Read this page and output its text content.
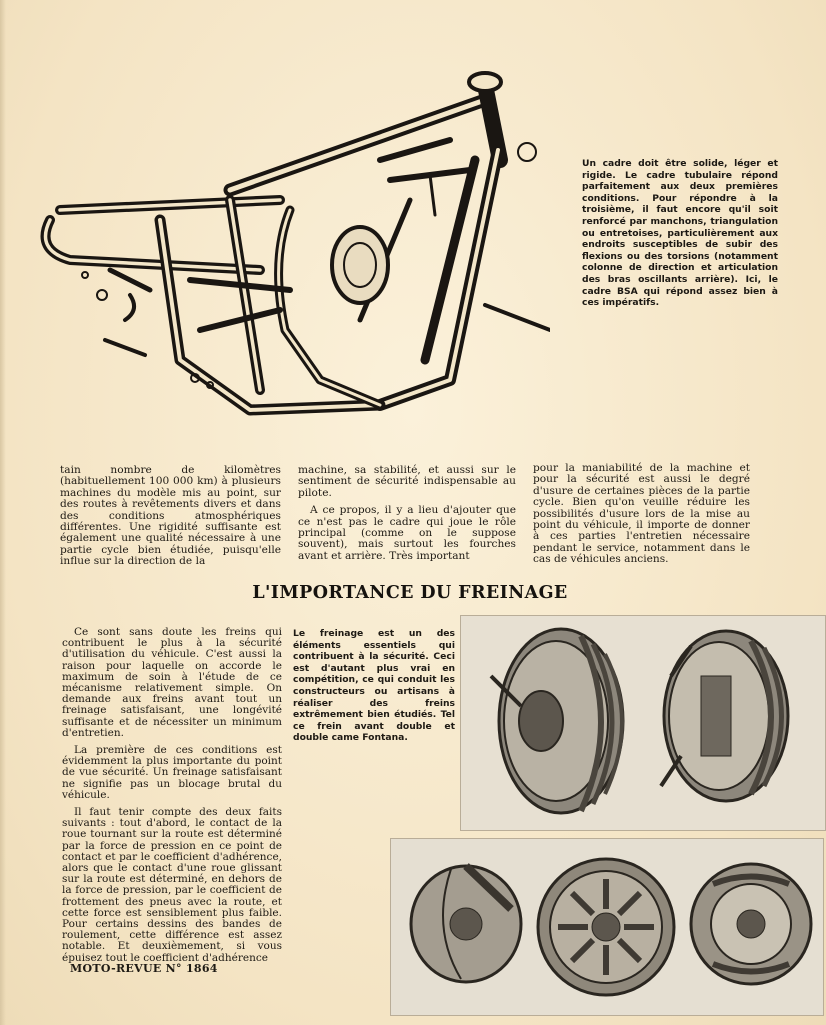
Un cadre doit être solide, léger et rigide. Le cadre tubulaire répond parfaitement aux deux premières conditions. Pour répondre à la troisième, il faut encore qu'il soit renforcé par manchons, triangulation ou entretoises, particulièrement aux endroits susceptibles de subir des flexions ou des torsions (notamment colonne de direction et articulation des bras oscillants arrière). Ici, le cadre BSA qui répond assez bien à ces impératifs.

tain nombre de kilomètres (habituellement 100 000 km) à plusieurs machines du modèle mis au point, sur des routes à revêtements divers et dans des conditions atmosphériques différentes. Une rigidité suffisante est également une qualité nécessaire à une partie cycle bien étudiée, puisqu'elle influe sur la direction de la

machine, sa stabilité, et aussi sur le sentiment de sécurité indispensable au pilote.

A ce propos, il y a lieu d'ajouter que ce n'est pas le cadre qui joue le rôle principal (comme on le suppose souvent), mais surtout les fourches avant et arrière. Très important

pour la maniabilité de la machine et pour la sécurité est aussi le degré d'usure de certaines pièces de la partie cycle. Bien qu'on veuille réduire les possibilités d'usure lors de la mise au point du véhicule, il importe de donner à ces parties l'entretien nécessaire pendant le service, notamment dans le cas de véhicules anciens.

L'IMPORTANCE DU FREINAGE

Ce sont sans doute les freins qui contribuent le plus à la sécurité d'utilisation du véhicule. C'est aussi la raison pour laquelle on accorde le maximum de soin à l'étude de ce mécanisme relativement simple. On demande aux freins avant tout un freinage satisfaisant, une longévité suffisante et de nécessiter un minimum d'entretien.

La première de ces conditions est évidemment la plus importante du point de vue sécurité. Un freinage satisfaisant ne signifie pas un blocage brutal du véhicule.

Il faut tenir compte des deux faits suivants : tout d'abord, le contact de la roue tournant sur la route est déterminé par la force de pression en ce point de contact et par le coefficient d'adhérence, alors que le contact d'une roue glissant sur la route est déterminé, en dehors de la force de pression, par le coefficient de frottement des pneus avec la route, et cette force est sensiblement plus faible. Pour certains dessins des bandes de roulement, cette différence est assez notable. Et deuxièmement, si vous épuisez tout le coefficient d'adhérence

Le freinage est un des éléments essentiels qui contribuent à la sécurité. Ceci est d'autant plus vrai en compétition, ce qui conduit les constructeurs ou artisans à réaliser des freins extrêmement bien étudiés. Tel ce frein avant double et double came Fontana.
MOTO-REVUE N° 1864
